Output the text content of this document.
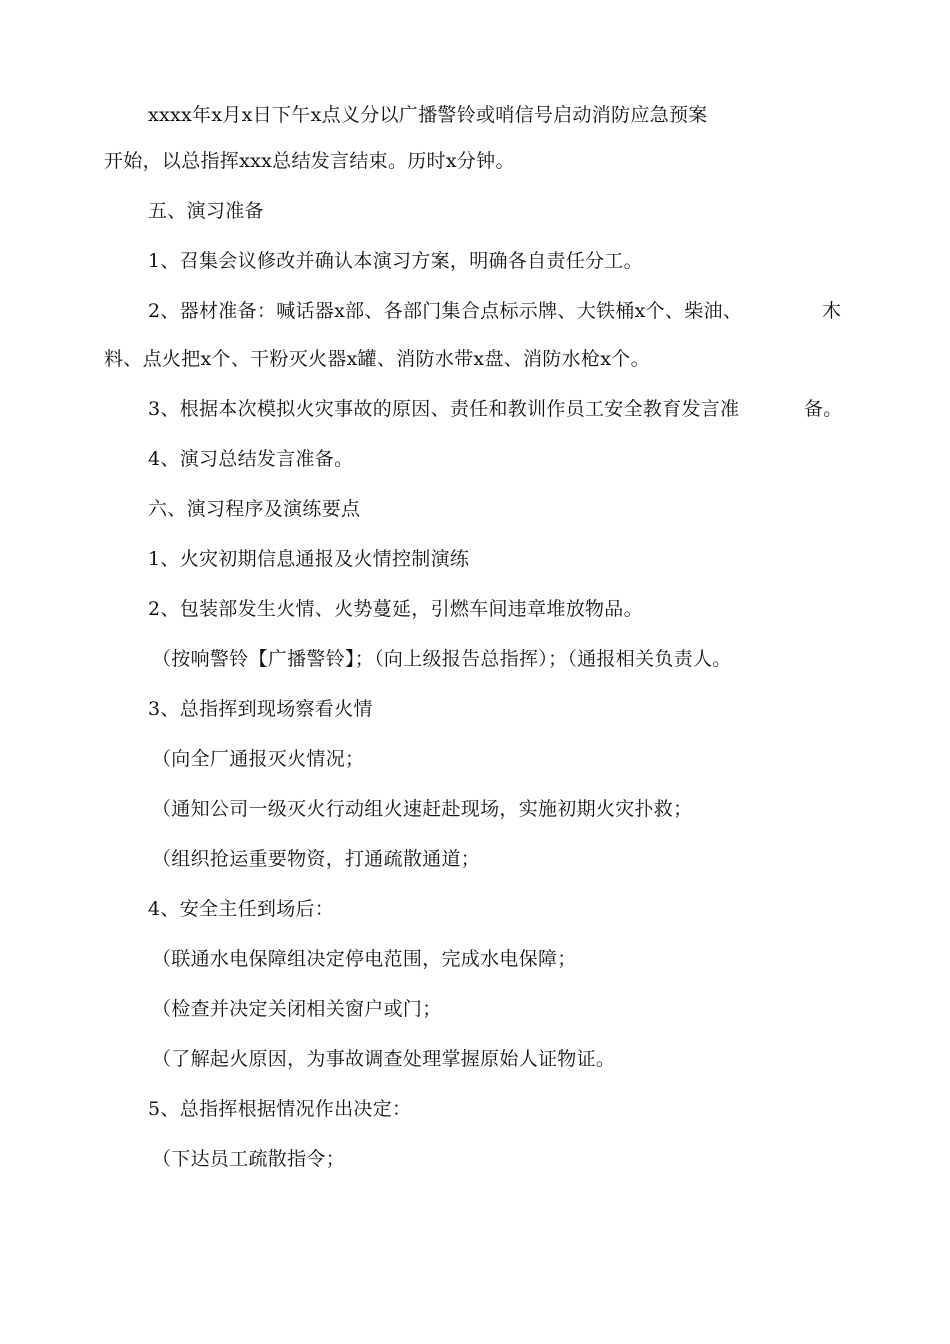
xxxx年x月x日下午x点义分以广播警铃或哨信号启动消防应急预案
开始，以总指挥xxx总结发言结束。历时x分钟。
五、演习准备
1、召集会议修改并确认本演习方案，明确各自责任分工。
2、器材准备：喊话器x部、各部门集合点标示牌、大铁桶x个、柴油、	木
料、点火把x个、干粉灭火器x罐、消防水带x盘、消防水枪x个。
3、根据本次模拟火灾事故的原因、责任和教训作员工安全教育发言准	备。
4、演习总结发言准备。
六、演习程序及演练要点
1、火灾初期信息通报及火情控制演练
2、包装部发生火情、火势蔓延，引燃车间违章堆放物品。
（按响警铃【广播警铃】；（向上级报告总指挥）；（通报相关负责人。
3、总指挥到现场察看火情
（向全厂通报灭火情况；
（通知公司一级灭火行动组火速赶赴现场，实施初期火灾扑救；
（组织抢运重要物资，打通疏散通道；
4、安全主任到场后：
（联通水电保障组决定停电范围，完成水电保障；
（检查并决定关闭相关窗户或门；
（了解起火原因，为事故调查处理掌握原始人证物证。
5、总指挥根据情况作出决定：
（下达员工疏散指令；
